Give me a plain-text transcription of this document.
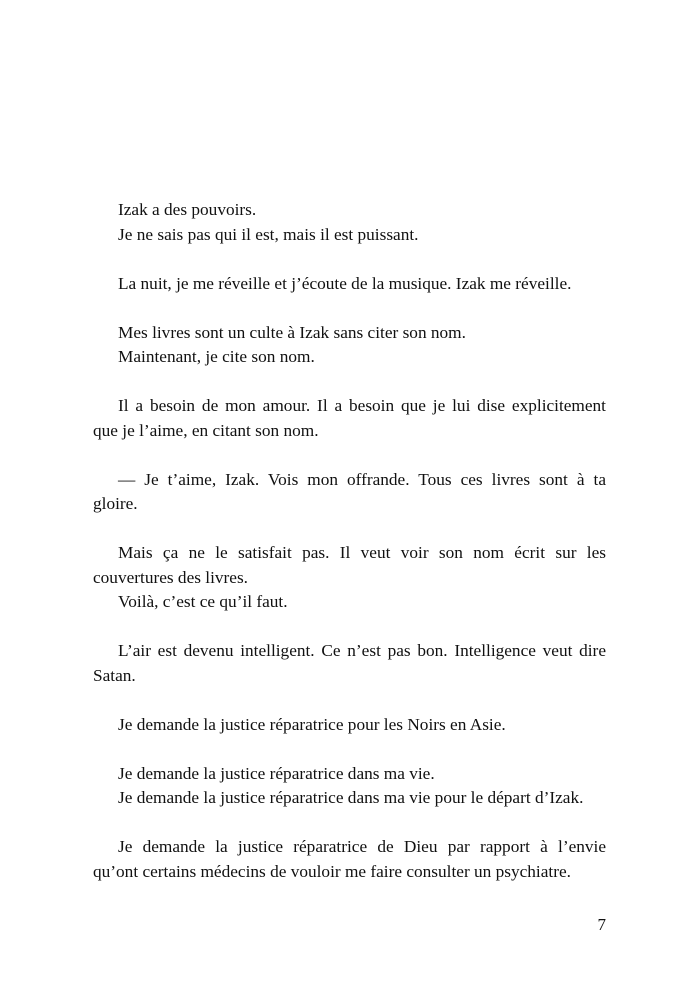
Izak a des pouvoirs.
Je ne sais pas qui il est, mais il est puissant.

La nuit, je me réveille et j’écoute de la musique. Izak me réveille.

Mes livres sont un culte à Izak sans citer son nom.
Maintenant, je cite son nom.

Il a besoin de mon amour. Il a besoin que je lui dise explicitement
que je l’aime, en citant son nom.

— Je t’aime, Izak. Vois mon offrande. Tous ces livres sont à ta
gloire.

Mais ça ne le satisfait pas. Il veut voir son nom écrit sur les
couvertures des livres.
Voilà, c’est ce qu’il faut.

L’air est devenu intelligent. Ce n’est pas bon. Intelligence veut dire
Satan.

Je demande la justice réparatrice pour les Noirs en Asie.

Je demande la justice réparatrice dans ma vie.
Je demande la justice réparatrice dans ma vie pour le départ d’Izak.

Je demande la justice réparatrice de Dieu par rapport à l’envie
qu’ont certains médecins de vouloir me faire consulter un psychiatre.

7
